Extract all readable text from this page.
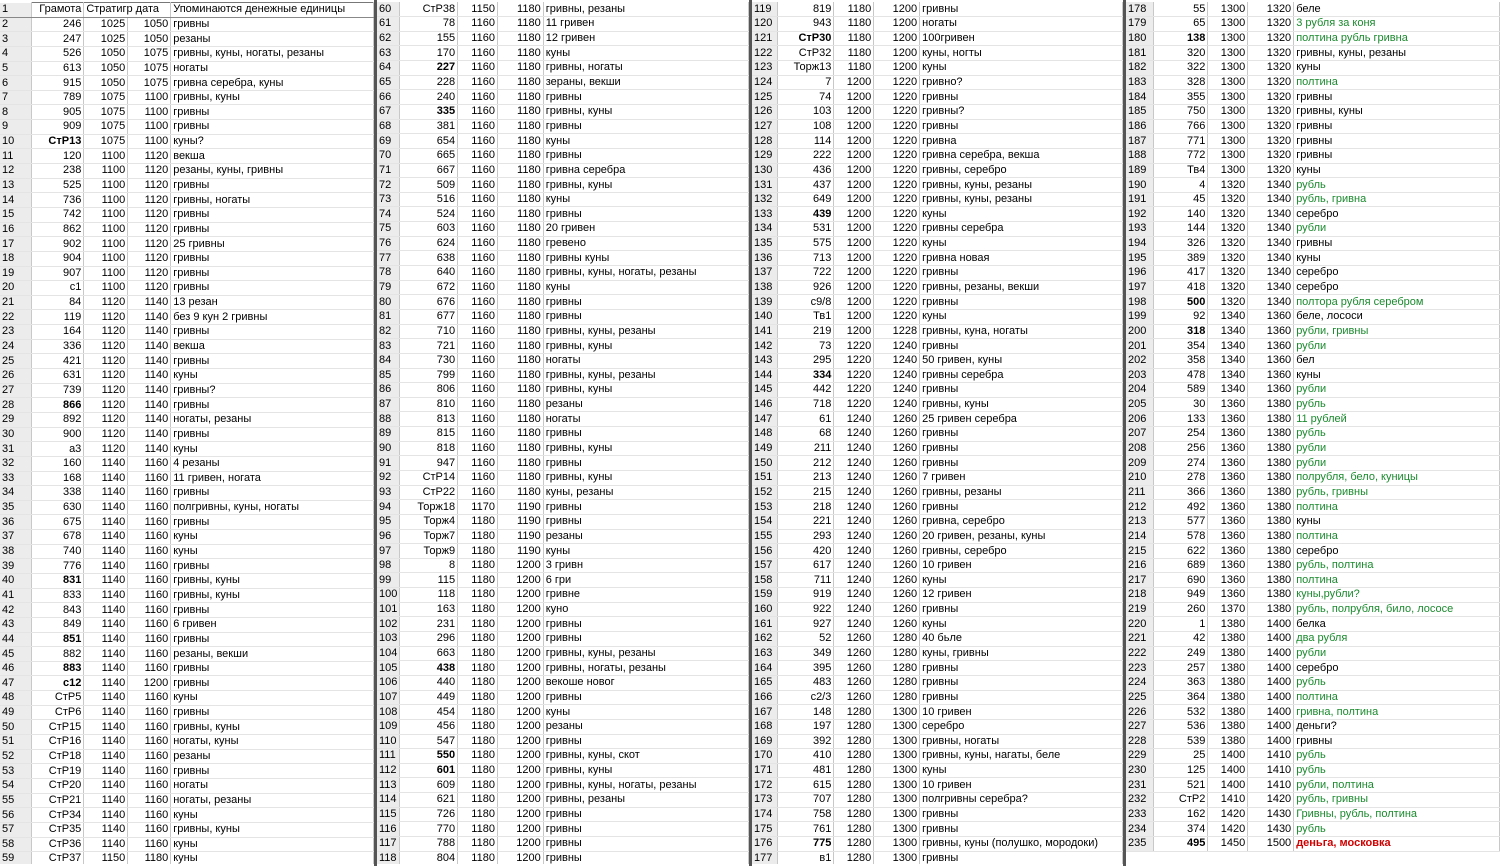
1	Грамота	Стратигр дата		Упоминаются денежные единицы
2	246	1025	1050	гривны
3	247	1025	1050	резаны
4	526	1050	1075	гривны, куны, ногаты, резаны
5	613	1050	1075	ногаты
6	915	1050	1075	гривна серебра, куны
7	789	1075	1100	гривны, куны
8	905	1075	1100	гривны
9	909	1075	1100	гривны
10	СтР13	1075	1100	куны?
11	120	1100	1120	векша
12	238	1100	1120	резаны, куны, гривны
13	525	1100	1120	гривны
14	736	1100	1120	гривны, ногаты
15	742	1100	1120	гривны
16	862	1100	1120	гривны
17	902	1100	1120	25 гривны
18	904	1100	1120	гривны
19	907	1100	1120	гривны
20	с1	1100	1120	гривны
21	84	1120	1140	13 резан
22	119	1120	1140	без 9 кун 2 гривны
23	164	1120	1140	гривны
24	336	1120	1140	векша
25	421	1120	1140	гривны
26	631	1120	1140	куны
27	739	1120	1140	гривны?
28	866	1120	1140	гривны
29	892	1120	1140	ногаты, резаны
30	900	1120	1140	гривны
31	а3	1120	1140	куны
32	160	1140	1160	4 резаны
33	168	1140	1160	11 гривен, ногата
34	338	1140	1160	гривны
35	630	1140	1160	полгривны, куны, ногаты
36	675	1140	1160	гривны
37	678	1140	1160	куны
38	740	1140	1160	куны
39	776	1140	1160	гривны
40	831	1140	1160	гривны, куны
41	833	1140	1160	гривны, куны
42	843	1140	1160	гривны
43	849	1140	1160	6 гривен
44	851	1140	1160	гривны
45	882	1140	1160	резаны, векши
46	883	1140	1160	гривны
47	с12	1140	1200	гривны
48	СтР5	1140	1160	куны
49	СтР6	1140	1160	гривны
50	СтР15	1140	1160	гривны, куны
51	СтР16	1140	1160	ногаты, куны
52	СтР18	1140	1160	резаны
53	СтР19	1140	1160	гривны
54	СтР20	1140	1160	ногаты
55	СтР21	1140	1160	ногаты, резаны
56	СтР34	1140	1160	куны
57	СтР35	1140	1160	гривны, куны
58	СтР36	1140	1160	куны
59	СтР37	1150	1180	куны
60	СтР38	1150	1180	гривны, резаны
61	78	1160	1180	11 гривен
62	155	1160	1180	12 гривен
63	170	1160	1180	куны
64	227	1160	1180	гривны, ногаты
65	228	1160	1180	зераны, векши
66	240	1160	1180	гривны
67	335	1160	1180	гривны, куны
68	381	1160	1180	гривны
69	654	1160	1180	куны
70	665	1160	1180	гривны
71	667	1160	1180	гривна серебра
72	509	1160	1180	гривны, куны
73	516	1160	1180	куны
74	524	1160	1180	гривны
75	603	1160	1180	20 гривен
76	624	1160	1180	гревено
77	638	1160	1180	гривны куны
78	640	1160	1180	гривны, куны, ногаты, резаны
79	672	1160	1180	куны
80	676	1160	1180	гривны
81	677	1160	1180	гривны
82	710	1160	1180	гривны, куны, резаны
83	721	1160	1180	гривны, куны
84	730	1160	1180	ногаты
85	799	1160	1180	гривны, куны, резаны
86	806	1160	1180	гривны, куны
87	810	1160	1180	резаны
88	813	1160	1180	ногаты
89	815	1160	1180	гривны
90	818	1160	1180	гривны, куны
91	947	1160	1180	гривны
92	СтР14	1160	1180	гривны, куны
93	СтР22	1160	1180	куны, резаны
94	Торж18	1170	1190	гривны
95	Торж4	1180	1190	гривны
96	Торж7	1180	1190	резаны
97	Торж9	1180	1190	куны
98	8	1180	1200	3 гривн
99	115	1180	1200	6 гри
100	118	1180	1200	гривне
101	163	1180	1200	куно
102	231	1180	1200	гривны
103	296	1180	1200	гривны
104	663	1180	1200	гривны, куны, резаны
105	438	1180	1200	гривны, ногаты, резаны
106	440	1180	1200	векоше новог
107	449	1180	1200	гривны
108	454	1180	1200	куны
109	456	1180	1200	резаны
110	547	1180	1200	гривны
111	550	1180	1200	гривны, куны, скот
112	601	1180	1200	гривны, куны
113	609	1180	1200	гривны, куны, ногаты, резаны
114	621	1180	1200	гривны, резаны
115	726	1180	1200	гривны
116	770	1180	1200	гривны
117	788	1180	1200	гривны
118	804	1180	1200	гривны
119	819	1180	1200	гривны
120	943	1180	1200	ногаты
121	СтР30	1180	1200	100гривен
122	СтР32	1180	1200	куны, ногты
123	Торж13	1180	1200	куны
124	7	1200	1220	гривно?
125	74	1200	1220	гривны
126	103	1200	1220	гривны?
127	108	1200	1220	гривны
128	114	1200	1220	гривна
129	222	1200	1220	гривна серебра, векша
130	436	1200	1220	гривны, серебро
131	437	1200	1220	гривны, куны, резаны
132	649	1200	1220	гривны, куны, резаны
133	439	1200	1220	куны
134	531	1200	1220	гривны серебра
135	575	1200	1220	куны
136	713	1200	1220	гривна новая
137	722	1200	1220	гривны
138	926	1200	1220	гривны, резаны, векши
139	с9/8	1200	1220	гривны
140	Тв1	1200	1220	куны
141	219	1200	1228	гривны, куна, ногаты
142	73	1220	1240	гривны
143	295	1220	1240	50 гривен, куны
144	334	1220	1240	гривны серебра
145	442	1220	1240	гривны
146	718	1220	1240	гривны, куны
147	61	1240	1260	25 гривен серебра
148	68	1240	1260	гривны
149	211	1240	1260	гривны
150	212	1240	1260	гривны
151	213	1240	1260	7 гривен
152	215	1240	1260	гривны, резаны
153	218	1240	1260	гривны
154	221	1240	1260	гривна, серебро
155	293	1240	1260	20 гривен, резаны, куны
156	420	1240	1260	гривны, серебро
157	617	1240	1260	10 гривен
158	711	1240	1260	куны
159	919	1240	1260	12 гривен
160	922	1240	1260	гривны
161	927	1240	1260	куны
162	52	1260	1280	40 бьле
163	349	1260	1280	куны, гривны
164	395	1260	1280	гривны
165	483	1260	1280	гривны
166	с2/3	1260	1280	гривны
167	148	1280	1300	10 гривен
168	197	1280	1300	серебро
169	392	1280	1300	гривны, ногаты
170	410	1280	1300	гривны, куны, нагаты, беле
171	481	1280	1300	куны
172	615	1280	1300	10 гривен
173	707	1280	1300	полгривны серебра?
174	758	1280	1300	гривны
175	761	1280	1300	гривны
176	775	1280	1300	гривны, куны (полушко, мородоки)
177	в1	1280	1300	гривны
178	55	1300	1320	беле
179	65	1300	1320	3 рубля за коня
180	138	1300	1320	полтина рубль гривна
181	320	1300	1320	гривны, куны, резаны
182	322	1300	1320	куны
183	328	1300	1320	полтина
184	355	1300	1320	гривны
185	750	1300	1320	гривны, куны
186	766	1300	1320	гривны
187	771	1300	1320	гривны
188	772	1300	1320	гривны
189	Тв4	1300	1320	куны
190	4	1320	1340	рубль
191	45	1320	1340	рубль, гривна
192	140	1320	1340	серебро
193	144	1320	1340	рубли
194	326	1320	1340	гривны
195	389	1320	1340	куны
196	417	1320	1340	серебро
197	418	1320	1340	серебро
198	500	1320	1340	полтора рубля серебром
199	92	1340	1360	беле, лососи
200	318	1340	1360	рубли, гривны
201	354	1340	1360	рубли
202	358	1340	1360	бел
203	478	1340	1360	куны
204	589	1340	1360	рубли
205	30	1360	1380	рубль
206	133	1360	1380	11 рублей
207	254	1360	1380	рубль
208	256	1360	1380	рубли
209	274	1360	1380	рубли
210	278	1360	1380	полрубля, бело, куницы
211	366	1360	1380	рубль, гривны
212	492	1360	1380	полтина
213	577	1360	1380	куны
214	578	1360	1380	полтина
215	622	1360	1380	серебро
216	689	1360	1380	рубль, полтина
217	690	1360	1380	полтина
218	949	1360	1380	куны,рубли?
219	260	1370	1380	рубль, полрубля, било, лососе
220	1	1380	1400	белка
221	42	1380	1400	два рубля
222	249	1380	1400	рубли
223	257	1380	1400	серебро
224	363	1380	1400	рубль
225	364	1380	1400	полтина
226	532	1380	1400	гривна, полтина
227	536	1380	1400	деньги?
228	539	1380	1400	гривны
229	25	1400	1410	рубль
230	125	1400	1410	рубль
231	521	1400	1410	рубли, полтина
232	СтР2	1410	1420	рубль, гривны
233	162	1420	1430	Гривны, рубль, полтина
234	374	1420	1430	рубль
235	495	1450	1500	деньга, московка
